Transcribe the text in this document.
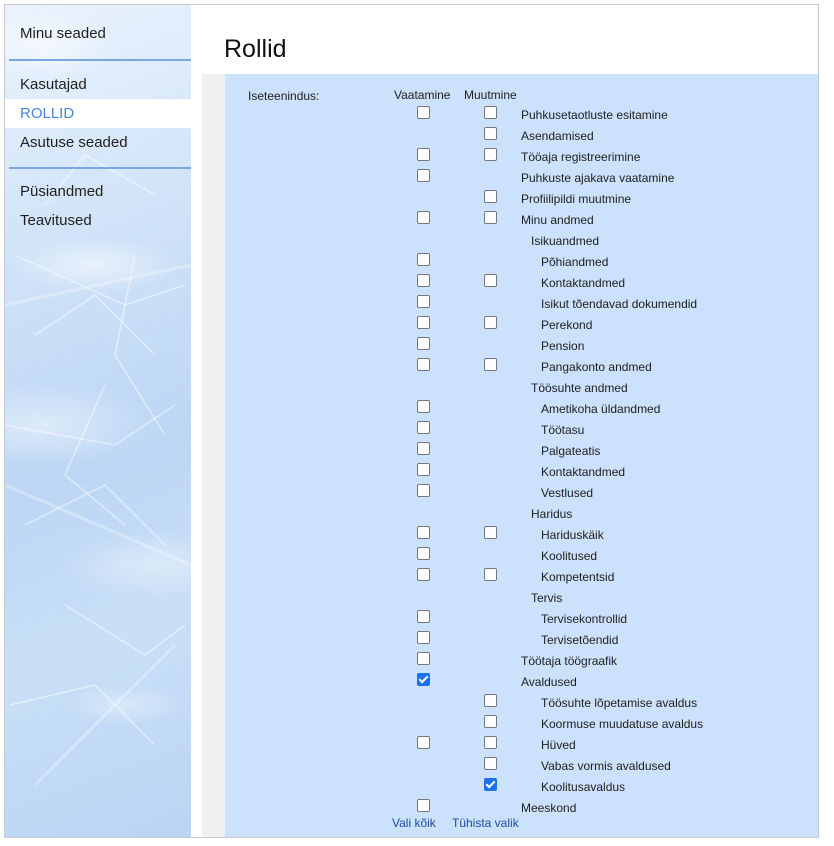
Minu seaded
Kasutajad
ROLLID
Asutuse seaded
Püsiandmed
Teavitused
Rollid
Iseteenindus:	Vaatamine Muutmine
Puhkusetaotluste esitamine
Asendamised
Tööaja registreerimine
Puhkuste ajakava vaatamine
Profiilipildi muutmine
Minu andmed
Isikuandmed
Põhiandmed
Kontaktandmed
Isikut tõendavad dokumendid
Perekond
Pension
Pangakonto andmed
Töösuhte andmed
Ametikoha üldandmed
Töötasu
Palgateatis
Kontaktandmed
Vestlused
Haridus
Hariduskäik
Koolitused
Kompetentsid
Tervis
Tervisekontrollid
Tervisetõendid
Töötaja töögraafik
Avaldused
Töösuhte lõpetamise avaldus
Koormuse muudatuse avaldus
Hüved
Vabas vormis avaldused
Koolitusavaldus
Meeskond
Vali kõik Tühista valik
